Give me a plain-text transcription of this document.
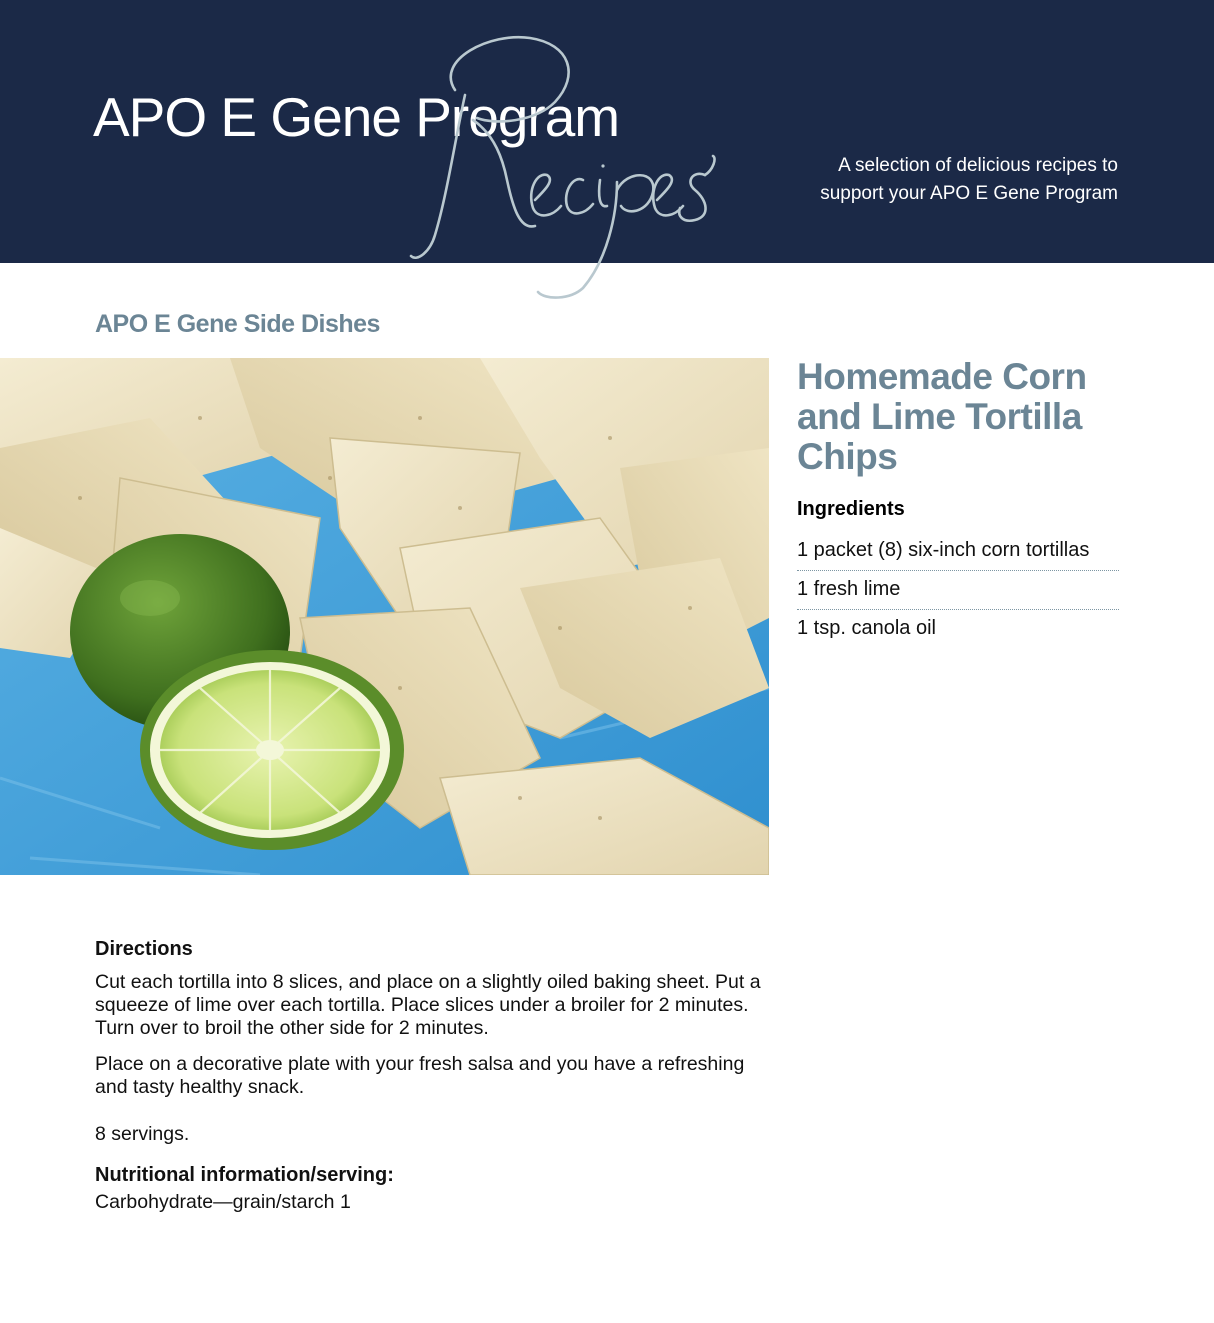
APO E Gene Program
A selection of delicious recipes to
support your APO E Gene Program
APO E Gene Side Dishes
Homemade Corn
and Lime Tortilla
Chips
Ingredients
1 packet (8) six-inch corn tortillas
1 fresh lime
1 tsp. canola oil
Directions
Cut each tortilla into 8 slices, and place on a slightly oiled baking sheet. Put a
squeeze of lime over each tortilla. Place slices under a broiler for 2 minutes.
Turn over to broil the other side for 2 minutes.
Place on a decorative plate with your fresh salsa and you have a refreshing
and tasty healthy snack.
8 servings.
Nutritional information/serving:
Carbohydrate—grain/starch 1
